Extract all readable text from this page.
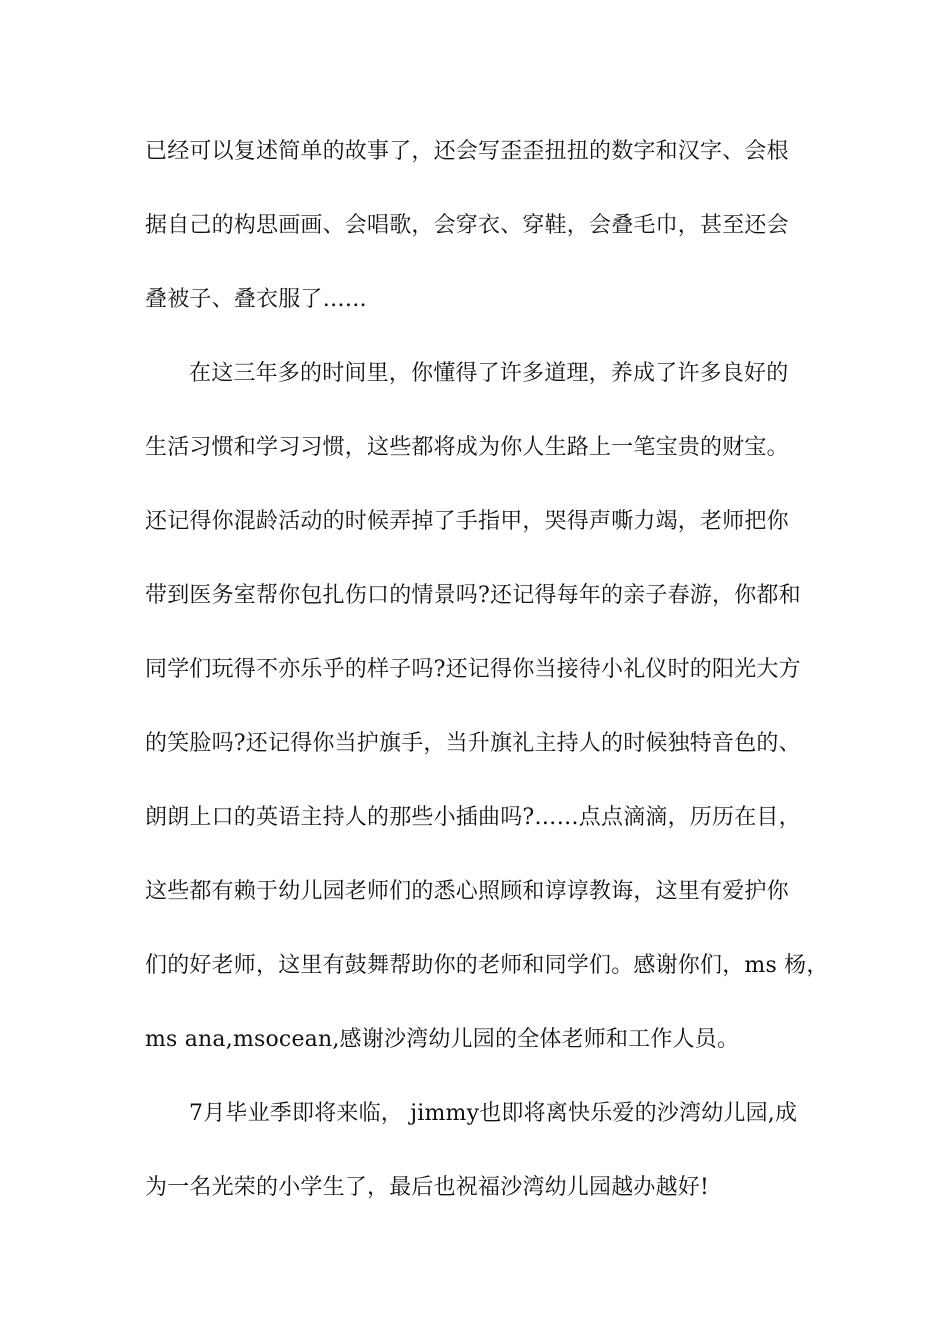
已经可以复述简单的故事了，还会写歪歪扭扭的数字和汉字、会根
据自己的构思画画、会唱歌，会穿衣、穿鞋，会叠毛巾，甚至还会
叠被子、叠衣服了……
在这三年多的时间里，你懂得了许多道理，养成了许多良好的
生活习惯和学习习惯，这些都将成为你人生路上一笔宝贵的财宝。
还记得你混龄活动的时候弄掉了手指甲，哭得声嘶力竭，老师把你
带到医务室帮你包扎伤口的情景吗?还记得每年的亲子春游，你都和
同学们玩得不亦乐乎的样子吗?还记得你当接待小礼仪时的阳光大方
的笑脸吗?还记得你当护旗手，当升旗礼主持人的时候独特音色的、
朗朗上口的英语主持人的那些小插曲吗?……点点滴滴，历历在目，
这些都有赖于幼儿园老师们的悉心照顾和谆谆教诲，这里有爱护你
们的好老师，这里有鼓舞帮助你的老师和同学们。感谢你们，ms 杨，
ms ana,msocean,感谢沙湾幼儿园的全体老师和工作人员。
7月毕业季即将来临， jimmy也即将离快乐爱的沙湾幼儿园,成
为一名光荣的小学生了，最后也祝福沙湾幼儿园越办越好!
